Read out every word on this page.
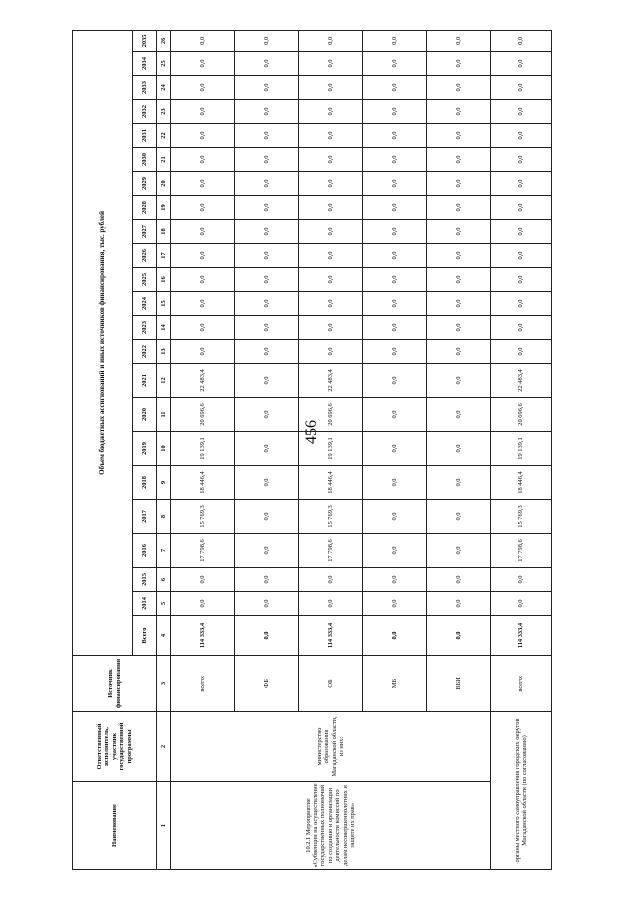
456
Наименование	Ответственный исполнитель, участник государственной программы	Источник финансирования	Объем бюджетных ассигнований и иных источников финансирования, тыс. рублей																						
			Всего	2014	2015	2016	2017	2018	2019	2020	2021	2022	2023	2024	2025	2026	2027	2028	2029	2030	2031	2032	2033	2034	2035
1	2	3	4	5	6	7	8	9	10	11	12	13	14	15	16	17	18	19	20	21	22	23	24	25	26
10.2.1 Мероприятие «Субвенции на осуществление государственных полномочий по созданию и организации деятельности комиссий по делам несовершеннолетних и защите их прав»	министерство образования Магаданской области, из них:	всего:	114 333,4	0,0	0,0	17 798,6	15 769,3	18 446,4	19 139,1	20 696,6	22 483,4	0,0	0,0	0,0	0,0	0,0	0,0	0,0	0,0	0,0	0,0	0,0	0,0	0,0	0,0
		ФБ	0,0	0,0	0,0	0,0	0,0	0,0	0,0	0,0	0,0	0,0	0,0	0,0	0,0	0,0	0,0	0,0	0,0	0,0	0,0	0,0	0,0	0,0	0,0
		ОБ	114 333,4	0,0	0,0	17 798,6	15 769,3	18 446,4	19 139,1	20 696,6	22 483,4	0,0	0,0	0,0	0,0	0,0	0,0	0,0	0,0	0,0	0,0	0,0	0,0	0,0	0,0
		МБ	0,0	0,0	0,0	0,0	0,0	0,0	0,0	0,0	0,0	0,0	0,0	0,0	0,0	0,0	0,0	0,0	0,0	0,0	0,0	0,0	0,0	0,0	0,0
		ВБИ	0,0	0,0	0,0	0,0	0,0	0,0	0,0	0,0	0,0	0,0	0,0	0,0	0,0	0,0	0,0	0,0	0,0	0,0	0,0	0,0	0,0	0,0	0,0
органы местного самоуправления городских округов Магаданской области (по согласованию)		всего:	114 333,4	0,0	0,0	17 798,6	15 769,3	18 446,4	19 139,1	20 696,6	22 483,4	0,0	0,0	0,0	0,0	0,0	0,0	0,0	0,0	0,0	0,0	0,0	0,0	0,0	0,0
